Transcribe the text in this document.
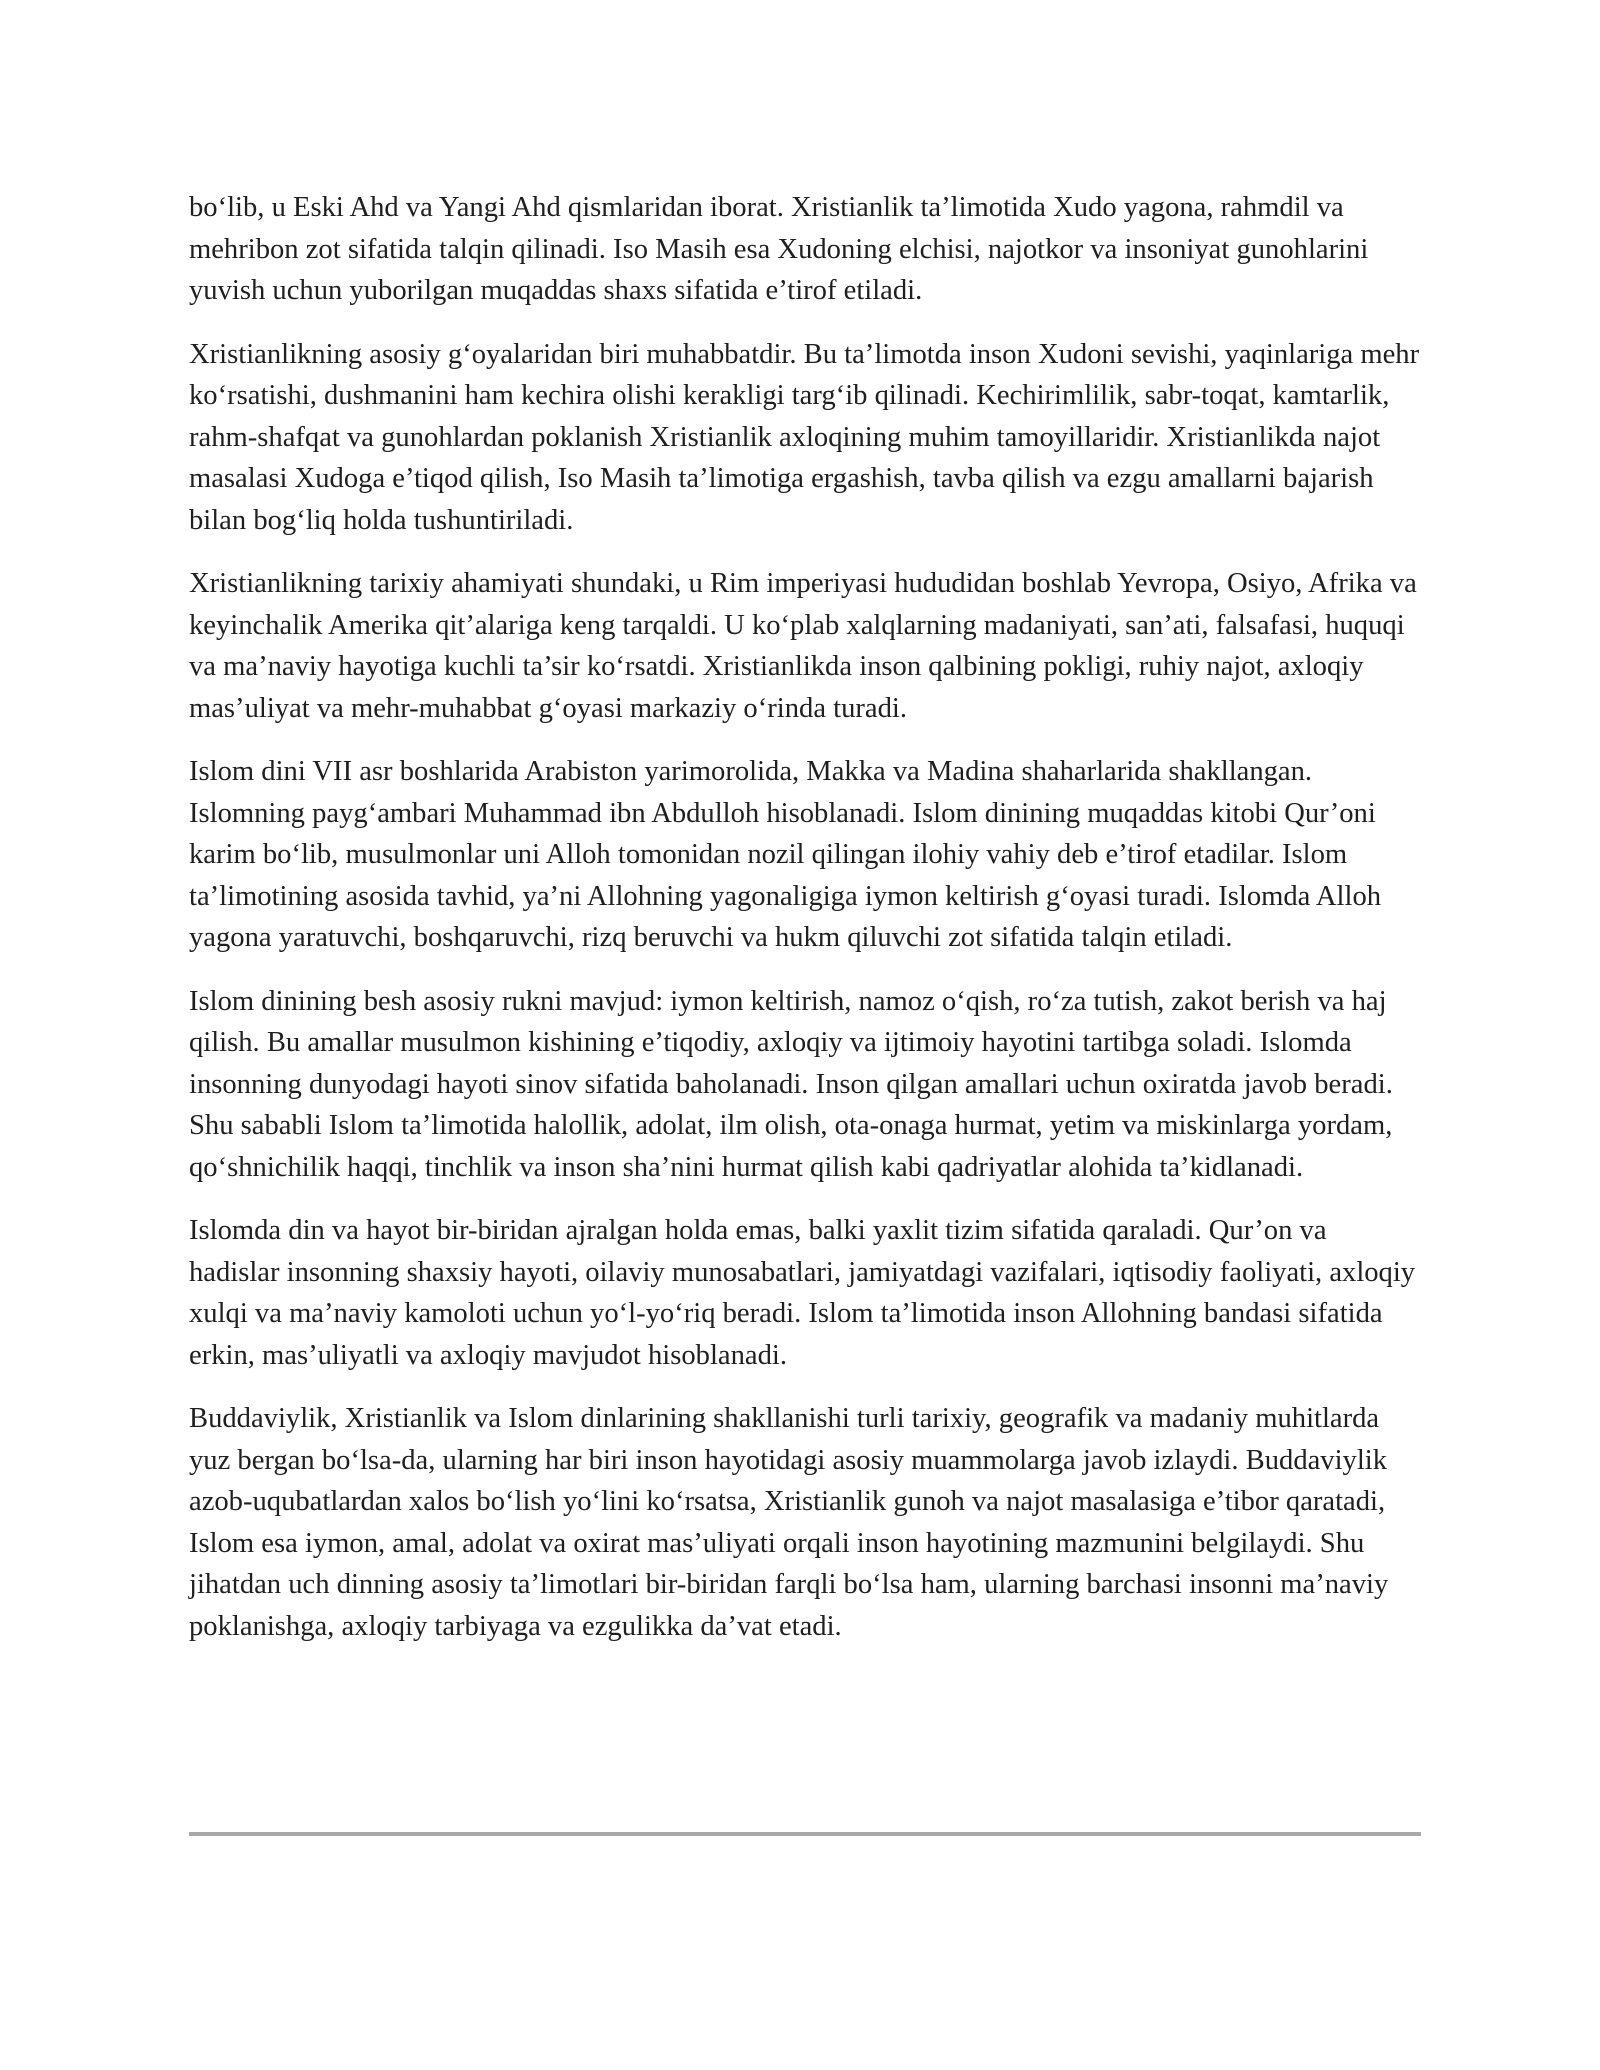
bo‘lib, u Eski Ahd va Yangi Ahd qismlaridan iborat. Xristianlik ta’limotida Xudo yagona, rahmdil va mehribon zot sifatida talqin qilinadi. Iso Masih esa Xudoning elchisi, najotkor va insoniyat gunohlarini yuvish uchun yuborilgan muqaddas shaxs sifatida e’tirof etiladi.

Xristianlikning asosiy g‘oyalaridan biri muhabbatdir. Bu ta’limotda inson Xudoni sevishi, yaqinlariga mehr ko‘rsatishi, dushmanini ham kechira olishi kerakligi targ‘ib qilinadi. Kechirimlilik, sabr-toqat, kamtarlik, rahm-shafqat va gunohlardan poklanish Xristianlik axloqining muhim tamoyillaridir. Xristianlikda najot masalasi Xudoga e’tiqod qilish, Iso Masih ta’limotiga ergashish, tavba qilish va ezgu amallarni bajarish bilan bog‘liq holda tushuntiriladi.

Xristianlikning tarixiy ahamiyati shundaki, u Rim imperiyasi hududidan boshlab Yevropa, Osiyo, Afrika va keyinchalik Amerika qit’alariga keng tarqaldi. U ko‘plab xalqlarning madaniyati, san’ati, falsafasi, huquqi va ma’naviy hayotiga kuchli ta’sir ko‘rsatdi. Xristianlikda inson qalbining pokligi, ruhiy najot, axloqiy mas’uliyat va mehr-muhabbat g‘oyasi markaziy o‘rinda turadi.

Islom dini VII asr boshlarida Arabiston yarimorolida, Makka va Madina shaharlarida shakllangan. Islomning payg‘ambari Muhammad ibn Abdulloh hisoblanadi. Islom dinining muqaddas kitobi Qur’oni karim bo‘lib, musulmonlar uni Alloh tomonidan nozil qilingan ilohiy vahiy deb e’tirof etadilar. Islom ta’limotining asosida tavhid, ya’ni Allohning yagonaligiga iymon keltirish g‘oyasi turadi. Islomda Alloh yagona yaratuvchi, boshqaruvchi, rizq beruvchi va hukm qiluvchi zot sifatida talqin etiladi.

Islom dinining besh asosiy rukni mavjud: iymon keltirish, namoz o‘qish, ro‘za tutish, zakot berish va haj qilish. Bu amallar musulmon kishining e’tiqodiy, axloqiy va ijtimoiy hayotini tartibga soladi. Islomda insonning dunyodagi hayoti sinov sifatida baholanadi. Inson qilgan amallari uchun oxiratda javob beradi. Shu sababli Islom ta’limotida halollik, adolat, ilm olish, ota-onaga hurmat, yetim va miskinlarga yordam, qo‘shnichilik haqqi, tinchlik va inson sha’nini hurmat qilish kabi qadriyatlar alohida ta’kidlanadi.

Islomda din va hayot bir-biridan ajralgan holda emas, balki yaxlit tizim sifatida qaraladi. Qur’on va hadislar insonning shaxsiy hayoti, oilaviy munosabatlari, jamiyatdagi vazifalari, iqtisodiy faoliyati, axloqiy xulqi va ma’naviy kamoloti uchun yo‘l-yo‘riq beradi. Islom ta’limotida inson Allohning bandasi sifatida erkin, mas’uliyatli va axloqiy mavjudot hisoblanadi.

Buddaviylik, Xristianlik va Islom dinlarining shakllanishi turli tarixiy, geografik va madaniy muhitlarda yuz bergan bo‘lsa-da, ularning har biri inson hayotidagi asosiy muammolarga javob izlaydi. Buddaviylik azob-uqubatlardan xalos bo‘lish yo‘lini ko‘rsatsa, Xristianlik gunoh va najot masalasiga e’tibor qaratadi, Islom esa iymon, amal, adolat va oxirat mas’uliyati orqali inson hayotining mazmunini belgilaydi. Shu jihatdan uch dinning asosiy ta’limotlari bir-biridan farqli bo‘lsa ham, ularning barchasi insonni ma’naviy poklanishga, axloqiy tarbiyaga va ezgulikka da’vat etadi.
